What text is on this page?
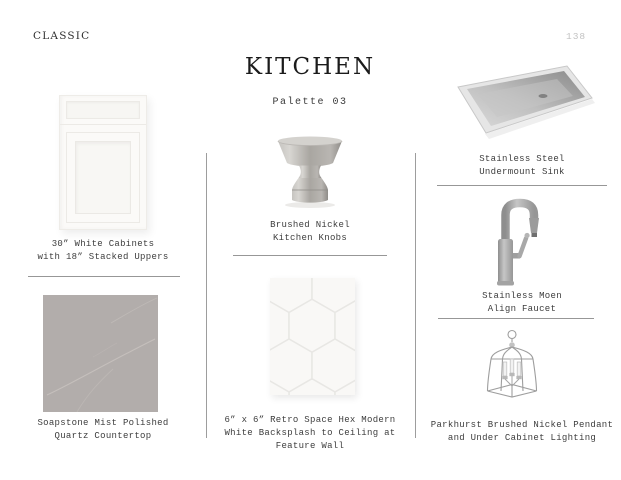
CLASSIC	138
KITCHEN
Palette 03
30” White Cabinets
with 18” Stacked Uppers
Soapstone Mist Polished
Quartz Countertop
Brushed Nickel
Kitchen Knobs
6” x 6” Retro Space Hex Modern
White Backsplash to Ceiling at
Feature Wall
Stainless Steel
Undermount Sink
Stainless Moen
Align Faucet
Parkhurst Brushed Nickel Pendant
and Under Cabinet Lighting
